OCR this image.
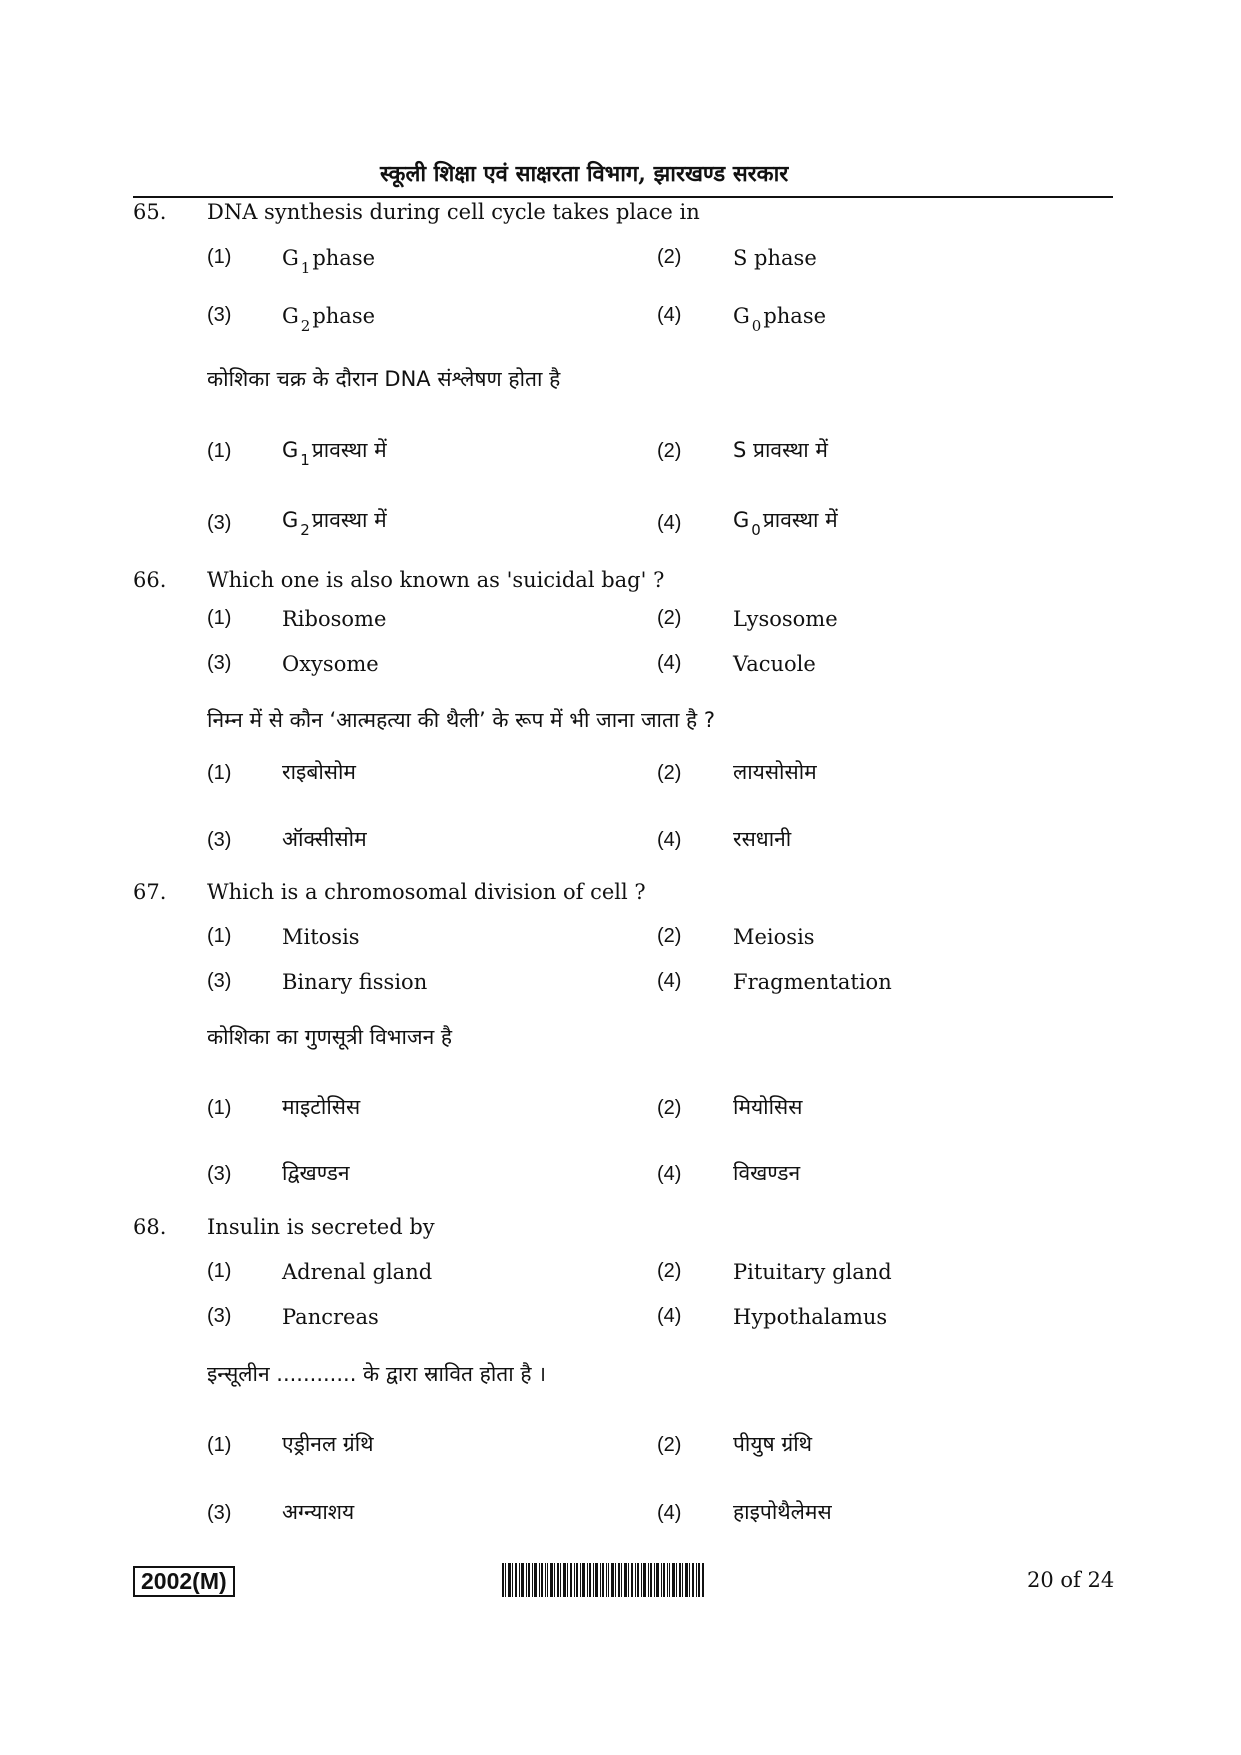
स्कूली शिक्षा एवं साक्षरता विभाग, झारखण्ड सरकार
65. DNA synthesis during cell cycle takes place in
(1) G $_1$phase	(2) S phase
(3) G $_2$phase	(4) G $_0$phase
कोशिका चक्र के दौरान DNA संश्लेषण होता है
(1) G $_1$प्रावस्था में	(2) S प्रावस्था में
(3) G $_2$प्रावस्था में	(4) G $_0$प्रावस्था में
66. Which one is also known as 'suicidal bag' ?
(1) Ribosome	(2) Lysosome
(3) Oxysome	(4) Vacuole
निम्न में से कौन ‘आत्महत्या की थैली’ के रूप में भी जाना जाता है ?
(1) राइबोसोम	(2) लायसोसोम
(3) ऑक्सीसोम	(4) रसधानी
67. Which is a chromosomal division of cell ?
(1) Mitosis	(2) Meiosis
(3) Binary fission	(4) Fragmentation
कोशिका का गुणसूत्री विभाजन है
(1) माइटोसिस	(2) मियोसिस
(3) द्विखण्डन	(4) विखण्डन
68. Insulin is secreted by
(1) Adrenal gland	(2) Pituitary gland
(3) Pancreas	(4) Hypothalamus
इन्सूलीन ............ के द्वारा स्रावित होता है ।
(1) एड्रीनल ग्रंथि	(2) पीयुष ग्रंथि
(3) अग्न्याशय	(4) हाइपोथैलेमस
2002(M)	20 of 24
